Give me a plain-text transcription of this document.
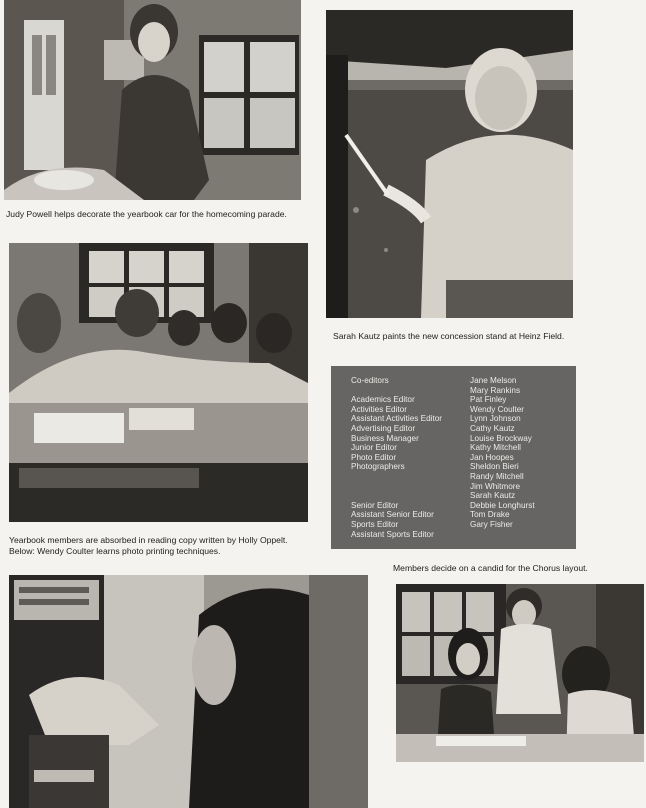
Judy Powell helps decorate the yearbook car for the homecoming parade.
Sarah Kautz paints the new concession stand at Heinz Field.
Yearbook members are absorbed in reading copy written by Holly Oppelt.
Below: Wendy Coulter learns photo printing techniques.
Co-editors
Academics Editor
Activities Editor
Assistant Activities Editor
Advertising Editor
Business Manager
Junior Editor
Photo Editor
Photographers
Senior Editor
Assistant Senior Editor
Sports Editor
Assistant Sports Editor
Jane Melson
Mary Rankins
Pat Finley
Wendy Coulter
Lynn Johnson
Cathy Kautz
Louise Brockway
Kathy Mitchell
Jan Hoopes
Sheldon Bieri
Randy Mitchell
Jim Whitmore
Sarah Kautz
Debbie Longhurst
Tom Drake
Gary Fisher
Members decide on a candid for the Chorus layout.
